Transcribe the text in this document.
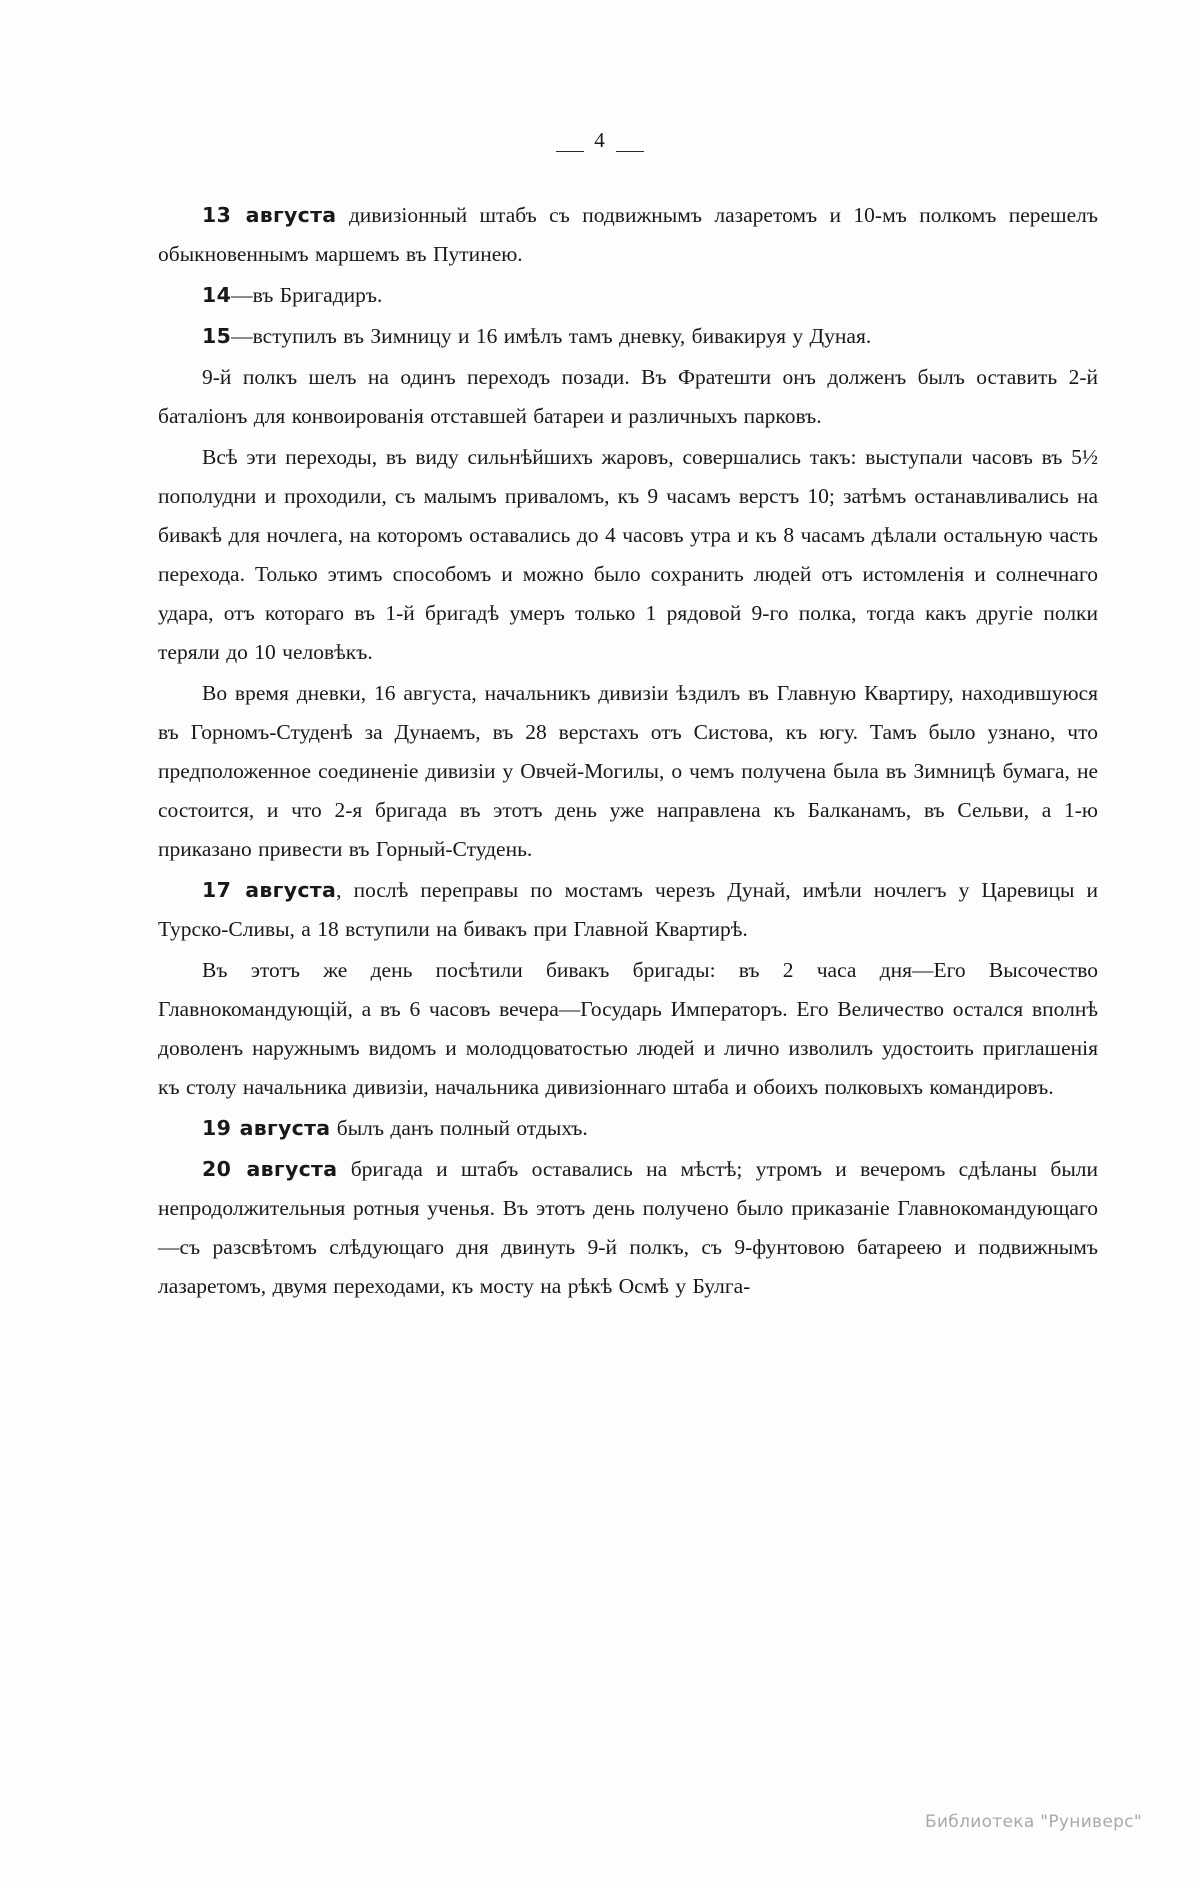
4

13 августа дивизіонный штабъ съ подвижнымъ лазаретомъ и 10-мъ полкомъ перешелъ обыкновеннымъ маршемъ въ Путинею.

14—въ Бригадиръ.

15—вступилъ въ Зимницу и 16 имѣлъ тамъ дневку, бивакируя у Дуная.

9-й полкъ шелъ на одинъ переходъ позади. Въ Фратешти онъ долженъ былъ оставить 2-й баталіонъ для конвоированія отставшей батареи и различныхъ парковъ.

Всѣ эти переходы, въ виду сильнѣйшихъ жаровъ, совершались такъ: выступали часовъ въ 5½ пополудни и проходили, съ малымъ приваломъ, къ 9 часамъ верстъ 10; затѣмъ останавливались на бивакѣ для ночлега, на которомъ оставались до 4 часовъ утра и къ 8 часамъ дѣлали остальную часть перехода. Только этимъ способомъ и можно было сохранить людей отъ истомленія и солнечнаго удара, отъ котораго въ 1-й бригадѣ умеръ только 1 рядовой 9-го полка, тогда какъ другіе полки теряли до 10 человѣкъ.

Во время дневки, 16 августа, начальникъ дивизіи ѣздилъ въ Главную Квартиру, находившуюся въ Горномъ-Студенѣ за Дунаемъ, въ 28 верстахъ отъ Систова, къ югу. Тамъ было узнано, что предположенное соединеніе дивизіи у Овчей-Могилы, о чемъ получена была въ Зимницѣ бумага, не состоится, и что 2-я бригада въ этотъ день уже направлена къ Балканамъ, въ Сельви, а 1-ю приказано привести въ Горный-Студень.

17 августа, послѣ переправы по мостамъ черезъ Дунай, имѣли ночлегъ у Царевицы и Турско-Сливы, а 18 вступили на бивакъ при Главной Квартирѣ.

Въ этотъ же день посѣтили бивакъ бригады: въ 2 часа дня—Его Высочество Главнокомандующій, а въ 6 часовъ вечера—Государь Императоръ. Его Величество остался вполнѣ доволенъ наружнымъ видомъ и молодцоватостью людей и лично изволилъ удостоить приглашенія къ столу начальника дивизіи, начальника дивизіоннаго штаба и обоихъ полковыхъ командировъ.

19 августа былъ данъ полный отдыхъ.

20 августа бригада и штабъ оставались на мѣстѣ; утромъ и вечеромъ сдѣланы были непродолжительныя ротныя ученья. Въ этотъ день получено было приказаніе Главнокомандующаго—съ разсвѣтомъ слѣдующаго дня двинуть 9-й полкъ, съ 9-фунтовою батареею и подвижнымъ лазаретомъ, двумя переходами, къ мосту на рѣкѣ Осмѣ у Булга-

Библиотека "Руниверс"
